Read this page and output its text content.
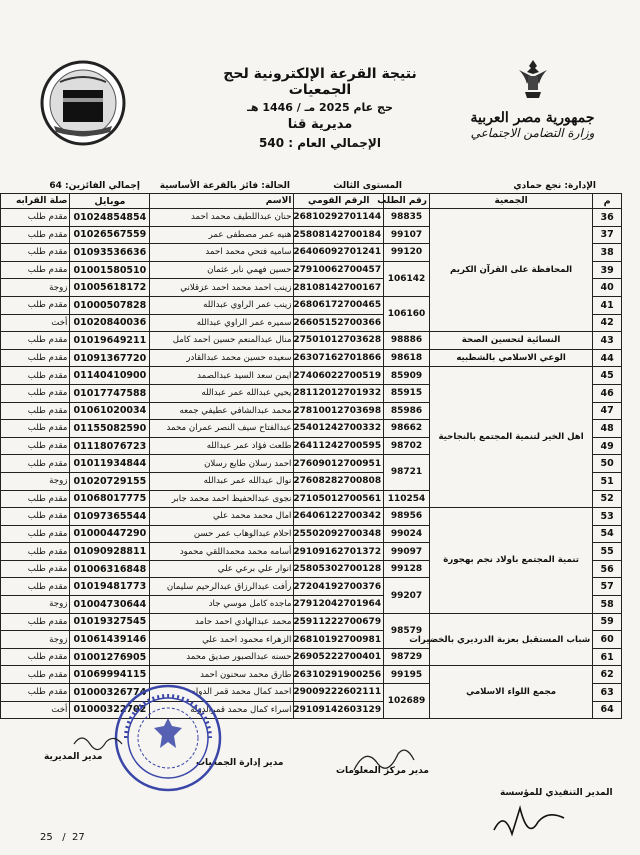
جمهورية مصر العربية
وزارة التضامن الاجتماعي
نتيجة القرعة الإلكترونية لحج الجمعيات
حج عام 2025 مـ / 1446 هـ
مديرية قنا
الإجمالي العام : 540
الإدارة: نجع حمادي
المستوى الثالث
الحالة: فائز بالقرعة الأساسية
إجمالي الفائزين: 64
م	الجمعية	رقم الطلب	الرقم القومي	الاسم	موبايل	صلة القرابه
36	المحافظة على القرآن الكريم	98835	26810292701144	حنان عبداللطيف محمد احمد	01024854854	مقدم طلب
37		99107	25808142700184	هنيه عمر مصطفى عمر	01026567559	مقدم طلب
38		99120	26406092701241	ساميه فتحي محمد احمد	01093536636	مقدم طلب
39		106142	27910062700457	حسين فهمي نابر عثمان	01001580510	مقدم طلب
40			28108142700167	زينب احمد محمد احمد عزقلاني	01005618172	زوجة
41		106160	26806172700465	زينب عمر الراوي عبدالله	01000507828	مقدم طلب
42			26605152700366	سميره عمر الراوي عبدالله	01020840036	أخت
43	النسائية لتحسين الصحة	98886	27501012703628	منال عبدالمنعم حسين احمد كامل	01019649211	مقدم طلب
44	الوعي الاسلامي بالشطبيه	98618	26307162701866	سعيده حسين محمد عبدالقادر	01091367720	مقدم طلب
45	اهل الخير لتنمية المجتمع بالنجاحية	85909	27406022700519	ايمن سعد السيد عبدالصمد	01140410900	مقدم طلب
46		85915	28112012701932	يحيي عبدالله عمر عبدالله	01017747588	مقدم طلب
47		85986	27810012703698	محمد عبدالشافي عطيفي جمعه	01061020034	مقدم طلب
48		98662	25401242700332	عبدالفتاح سيف النصر عمران محمد	01155082590	مقدم طلب
49		98702	26411242700595	طلعت فؤاد عمر عبدالله	01118076723	مقدم طلب
50		98721	27609012700951	احمد رسلان طايع رسلان	01011934844	مقدم طلب
51			27608282700808	نوال عبدالله عمر عبدالله	01020729155	زوجة
52		110254	27105012700561	نجوى عبدالحفيظ احمد محمد جابر	01068017775	مقدم طلب
53	تنمية المجتمع باولاد نجم بهجورة	98956	26406122700342	امال محمد محمد علي	01097365544	مقدم طلب
54		99024	25502092700348	احلام عبدالوهاب عمر حسن	01000447290	مقدم طلب
55		99097	29109162701372	أسامه محمد محمداللقي محمود	01090928811	مقدم طلب
56		99128	25805302700128	انوار علي برعي علي	01006316848	مقدم طلب
57		99207	27204192700376	رأفت عبدالرزاق عبدالرحيم سليمان	01019481773	مقدم طلب
58			27912042701964	ماجده كامل موسي جاد	01004730644	زوجة
59	شباب المستقبل بعزبة الدرديري بالخضيرات	98579	25911222700679	محمد عبدالهادي احمد حامد	01019327545	مقدم طلب
60			26810192700981	الزهراء محمود احمد علي	01061439146	زوجة
61		98729	26905222700401	حسنه عبدالصبور صديق محمد	01001276905	مقدم طلب
62	مجمع اللواء الاسلامي	99195	26310291900256	طارق محمد سحنون احمد	01069994115	مقدم طلب
63		102689	29009222602111	احمد كمال محمد قمر الدوله	01000326774	مقدم طلب
64			29109142603129	اسراء كمال محمد قمرالدولة	01000322702	أخت
مدير المديرية
مدير إدارة الجمعيات
مدير مركز المعلومات
المدير التنفيذي للمؤسسة
25 / 27
